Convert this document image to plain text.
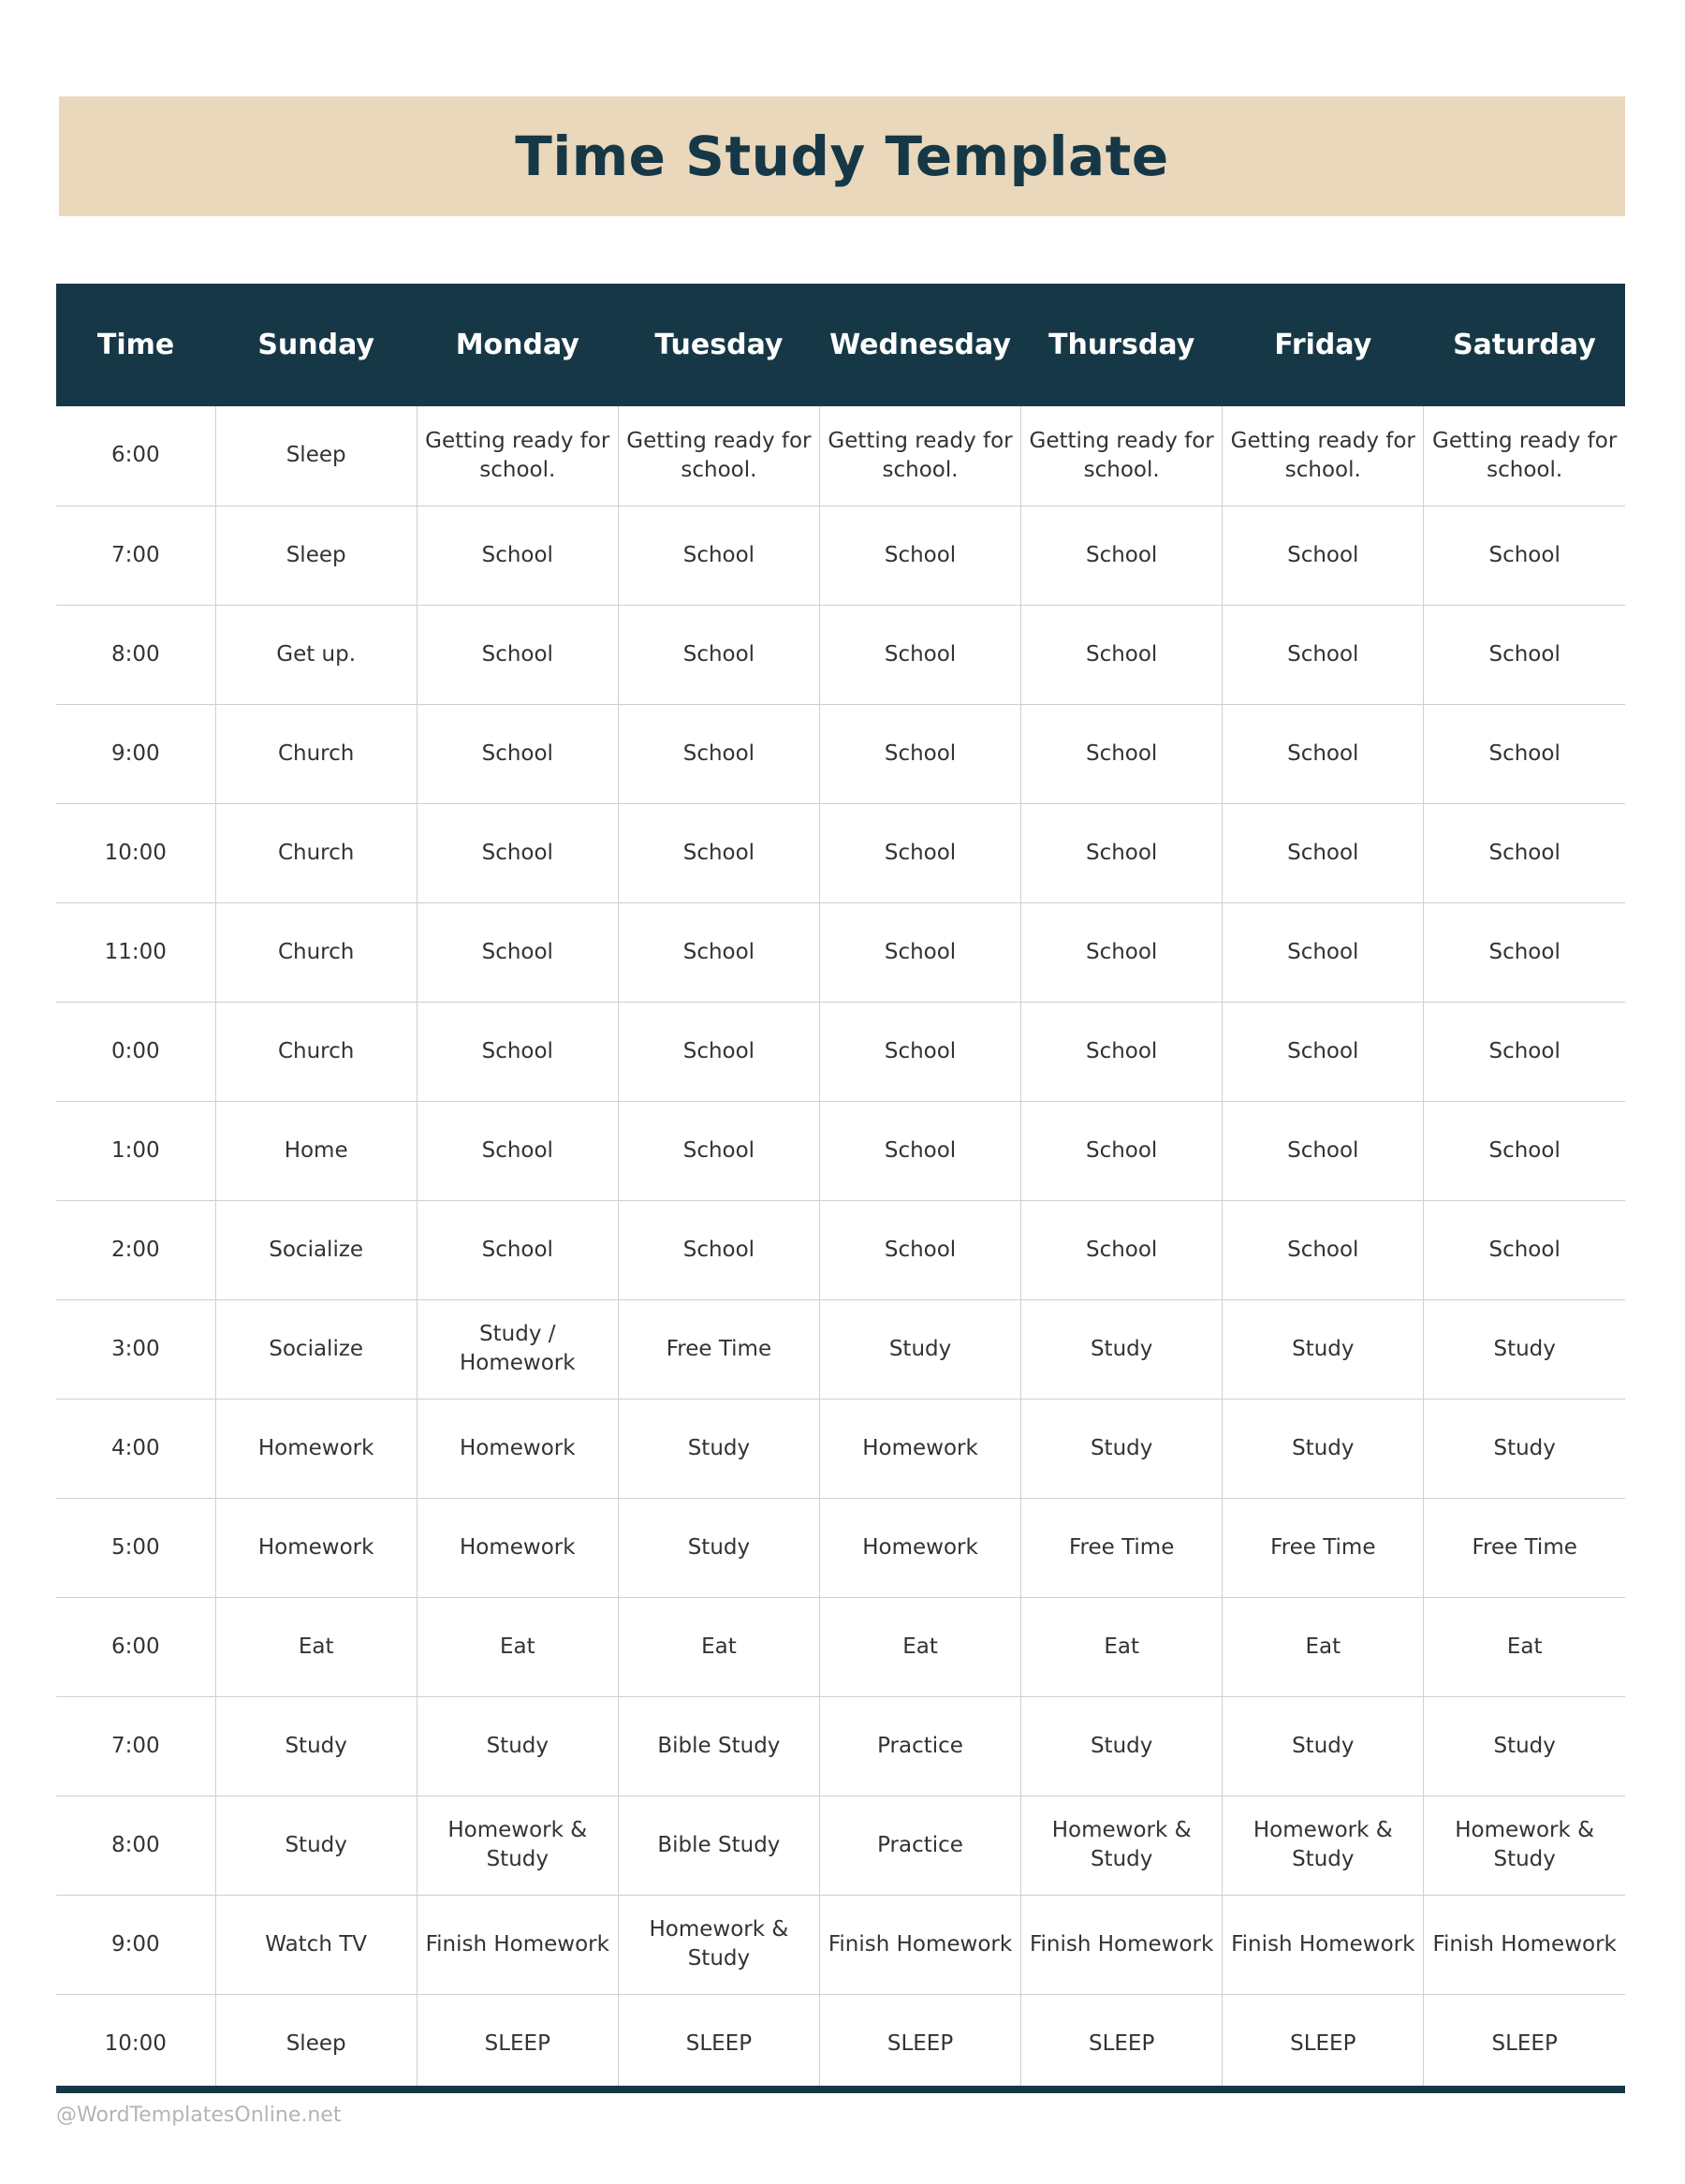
Time Study Template
Time	Sunday	Monday	Tuesday	Wednesday	Thursday	Friday	Saturday
6:00	Sleep	Getting ready for school.	Getting ready for school.	Getting ready for school.	Getting ready for school.	Getting ready for school.	Getting ready for school.
7:00	Sleep	School	School	School	School	School	School
8:00	Get up.	School	School	School	School	School	School
9:00	Church	School	School	School	School	School	School
10:00	Church	School	School	School	School	School	School
11:00	Church	School	School	School	School	School	School
0:00	Church	School	School	School	School	School	School
1:00	Home	School	School	School	School	School	School
2:00	Socialize	School	School	School	School	School	School
3:00	Socialize	Study / Homework	Free Time	Study	Study	Study	Study
4:00	Homework	Homework	Study	Homework	Study	Study	Study
5:00	Homework	Homework	Study	Homework	Free Time	Free Time	Free Time
6:00	Eat	Eat	Eat	Eat	Eat	Eat	Eat
7:00	Study	Study	Bible Study	Practice	Study	Study	Study
8:00	Study	Homework & Study	Bible Study	Practice	Homework & Study	Homework & Study	Homework & Study
9:00	Watch TV	Finish Homework	Homework & Study	Finish Homework	Finish Homework	Finish Homework	Finish Homework
10:00	Sleep	SLEEP	SLEEP	SLEEP	SLEEP	SLEEP	SLEEP
@WordTemplatesOnline.net
